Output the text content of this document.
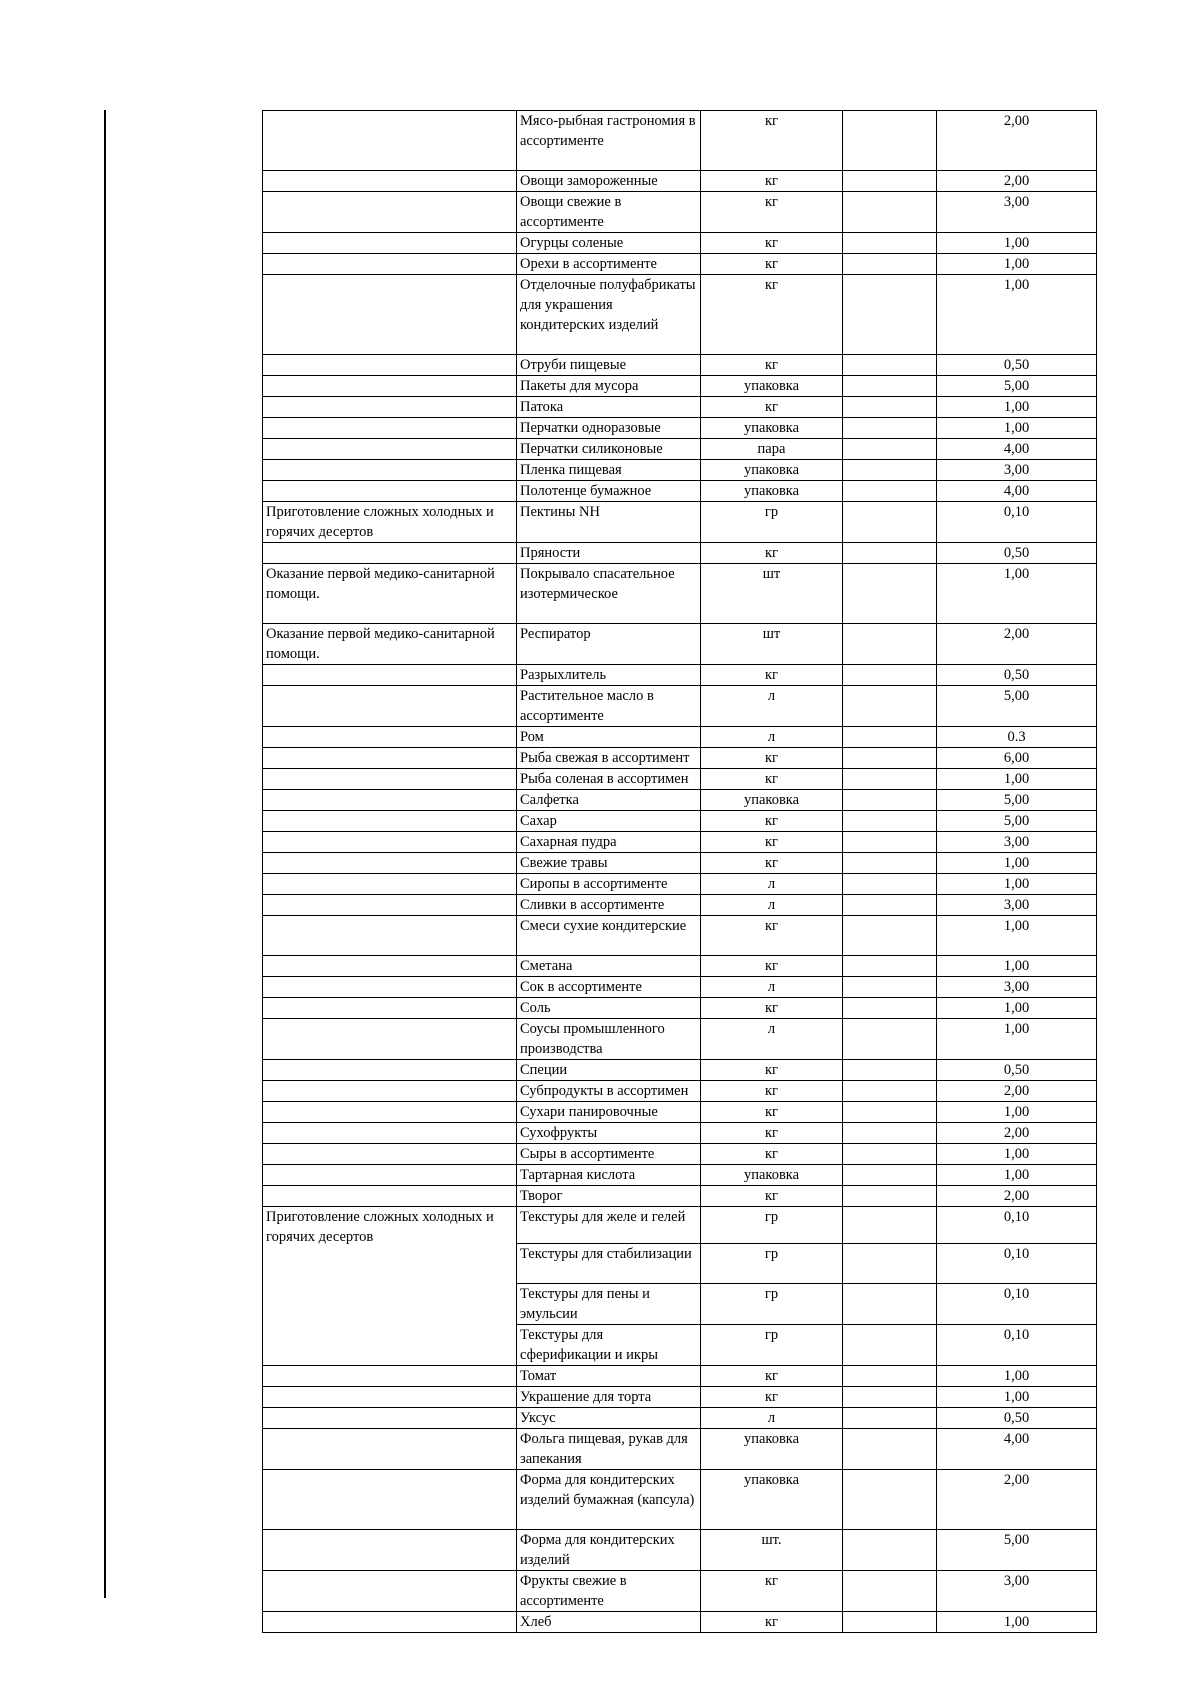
	Мясо-рыбная гастрономия в ассортименте	кг		2,00
	Овощи замороженные	кг		2,00
	Овощи свежие в ассортименте	кг		3,00
	Огурцы соленые	кг		1,00
	Орехи в ассортименте	кг		1,00
	Отделочные полуфабрикаты для украшения кондитерских изделий	кг		1,00
	Отруби пищевые	кг		0,50
	Пакеты для мусора	упаковка		5,00
	Патока	кг		1,00
	Перчатки одноразовые	упаковка		1,00
	Перчатки силиконовые	пара		4,00
	Пленка пищевая	упаковка		3,00
	Полотенце бумажное	упаковка		4,00
Приготовление сложных холодных и горячих десертов	Пектины NH	гр		0,10
	Пряности	кг		0,50
Оказание первой медико-санитарной помощи.	Покрывало спасательное изотермическое	шт		1,00
Оказание первой медико-санитарной помощи.	Респиратор	шт		2,00
	Разрыхлитель	кг		0,50
	Растительное масло в ассортименте	л		5,00
	Ром	л		0.3
	Рыба свежая в ассортимент	кг		6,00
	Рыба соленая в ассортимен	кг		1,00
	Салфетка	упаковка		5,00
	Сахар	кг		5,00
	Сахарная пудра	кг		3,00
	Свежие травы	кг		1,00
	Сиропы в ассортименте	л		1,00
	Сливки в ассортименте	л		3,00
	Смеси сухие кондитерские	кг		1,00
	Сметана	кг		1,00
	Сок в ассортименте	л		3,00
	Соль	кг		1,00
	Соусы промышленного производства	л		1,00
	Специи	кг		0,50
	Субпродукты в ассортимен	кг		2,00
	Сухари панировочные	кг		1,00
	Сухофрукты	кг		2,00
	Сыры в ассортименте	кг		1,00
	Тартарная кислота	упаковка		1,00
	Творог	кг		2,00
Приготовление сложных холодных и горячих десертов	Текстуры для желе и гелей	гр		0,10
	Текстуры для стабилизации	гр		0,10
	Текстуры для пены и эмульсии	гр		0,10
	Текстуры для сферификации и икры	гр		0,10
	Томат	кг		1,00
	Украшение для торта	кг		1,00
	Уксус	л		0,50
	Фольга пищевая, рукав для запекания	упаковка		4,00
	Форма для кондитерских изделий бумажная (капсула)	упаковка		2,00
	Форма для кондитерских изделий	шт.		5,00
	Фрукты свежие в ассортименте	кг		3,00
	Хлеб	кг		1,00
